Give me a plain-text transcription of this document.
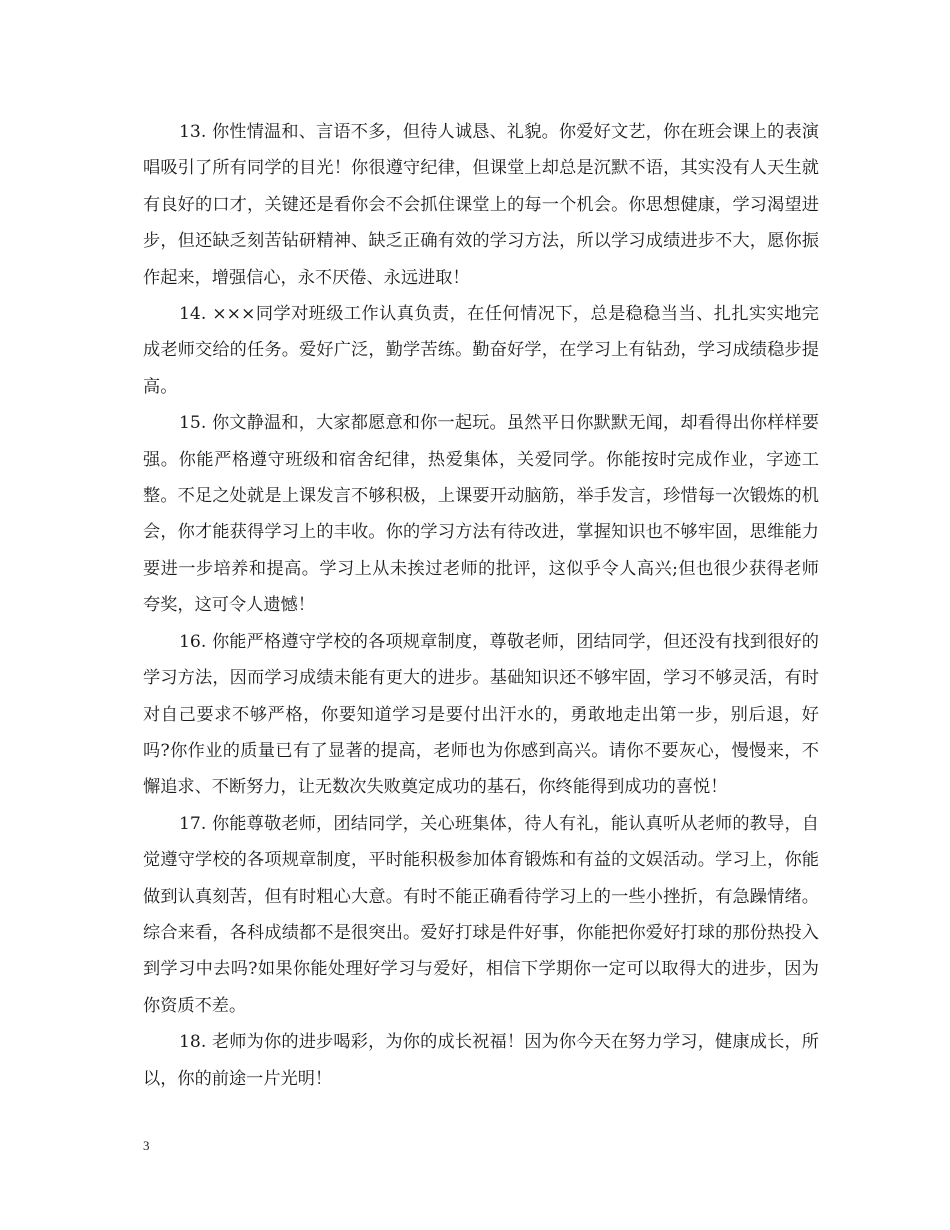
13. 你性情温和、言语不多，但待人诚恳、礼貌。你爱好文艺，你在班会课上的表演唱吸引了所有同学的目光！你很遵守纪律，但课堂上却总是沉默不语，其实没有人天生就有良好的口才，关键还是看你会不会抓住课堂上的每一个机会。你思想健康，学习渴望进步，但还缺乏刻苦钻研精神、缺乏正确有效的学习方法，所以学习成绩进步不大，愿你振作起来，增强信心，永不厌倦、永远进取！

14. ×××同学对班级工作认真负责，在任何情况下，总是稳稳当当、扎扎实实地完成老师交给的任务。爱好广泛，勤学苦练。勤奋好学，在学习上有钻劲，学习成绩稳步提高。

15. 你文静温和，大家都愿意和你一起玩。虽然平日你默默无闻，却看得出你样样要强。你能严格遵守班级和宿舍纪律，热爱集体，关爱同学。你能按时完成作业，字迹工整。不足之处就是上课发言不够积极，上课要开动脑筋，举手发言，珍惜每一次锻炼的机会，你才能获得学习上的丰收。你的学习方法有待改进，掌握知识也不够牢固，思维能力要进一步培养和提高。学习上从未挨过老师的批评，这似乎令人高兴;但也很少获得老师夸奖，这可令人遗憾！

16. 你能严格遵守学校的各项规章制度，尊敬老师，团结同学，但还没有找到很好的学习方法，因而学习成绩未能有更大的进步。基础知识还不够牢固，学习不够灵活，有时对自己要求不够严格，你要知道学习是要付出汗水的，勇敢地走出第一步，别后退，好吗?你作业的质量已有了显著的提高，老师也为你感到高兴。请你不要灰心，慢慢来，不懈追求、不断努力，让无数次失败奠定成功的基石，你终能得到成功的喜悦！

17. 你能尊敬老师，团结同学，关心班集体，待人有礼，能认真听从老师的教导，自觉遵守学校的各项规章制度，平时能积极参加体育锻炼和有益的文娱活动。学习上，你能做到认真刻苦，但有时粗心大意。有时不能正确看待学习上的一些小挫折，有急躁情绪。综合来看，各科成绩都不是很突出。爱好打球是件好事，你能把你爱好打球的那份热投入到学习中去吗?如果你能处理好学习与爱好，相信下学期你一定可以取得大的进步，因为你资质不差。

18. 老师为你的进步喝彩，为你的成长祝福！因为你今天在努力学习，健康成长，所以，你的前途一片光明！

3
